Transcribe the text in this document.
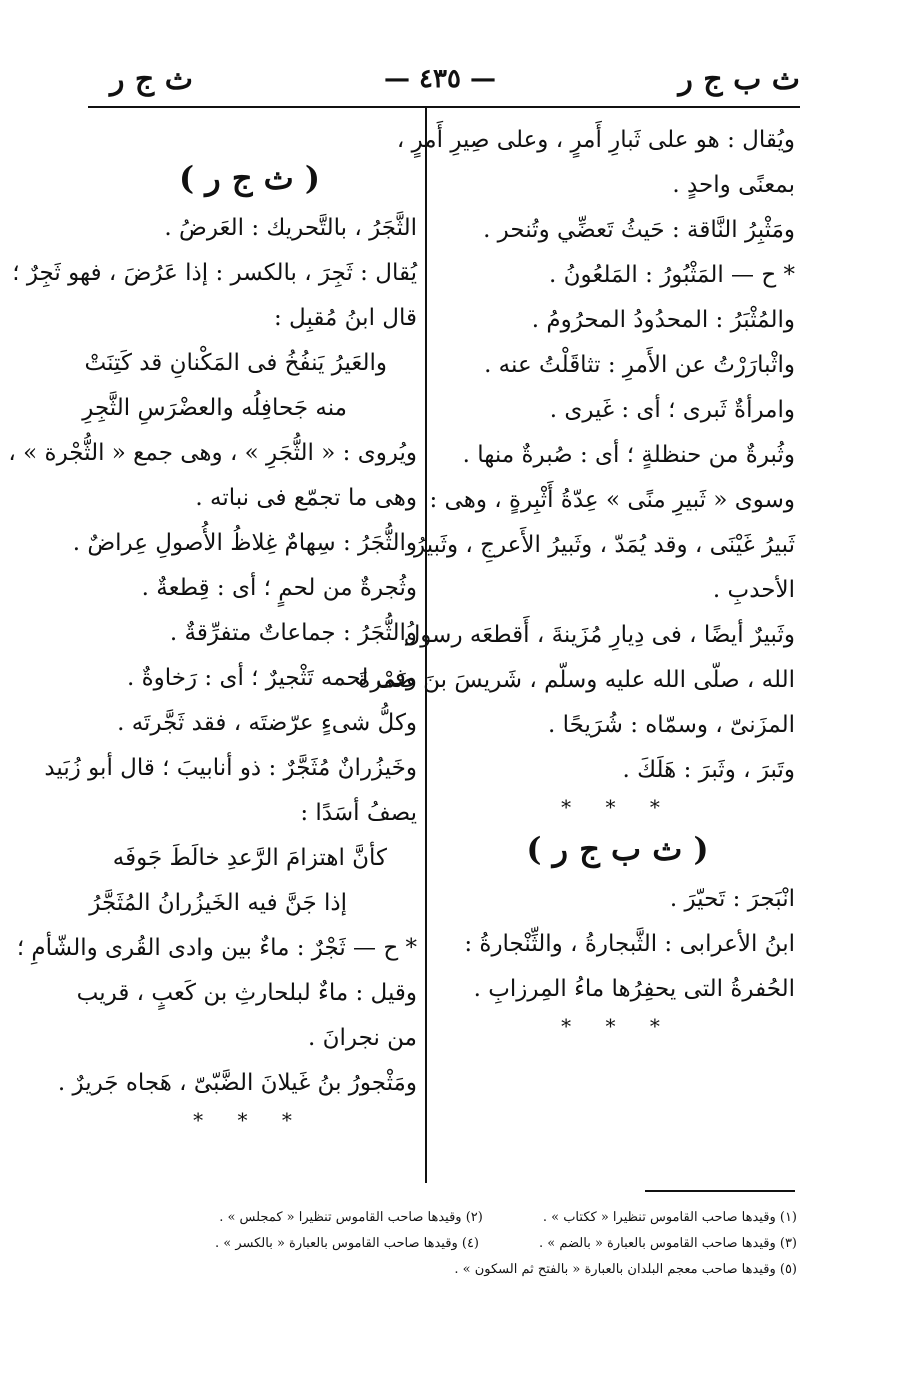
ث ب ج ر
— ٤٣٥ —
ث ج ر
ويُقال : هو على ثَبارِ أَمرٍ ، وعلى صِيرِ أَمرٍ ،
بمعنًى واحدٍ .
ومَثْبِرُ النَّاقة : حَيثُ تَعضِّي وتُنحر .
* ح — المَثْبُورُ : المَلعُونُ .
والمُثْبَرُ : المحدُودُ المحرُومُ .
واثْبارَرْتُ عن الأَمرِ : تثاقَلْتُ عنه .
وامرأةٌ ثَبرى ؛ أى : غَيرى .
وثُبرةٌ من حنظلةٍ ؛ أى : صُبرةٌ منها .
وسوى « ثَبيرِ منًى » عِدّةُ أَثْبِرةٍ ، وهى :
ثَبيرُ غَيْنَى ، وقد يُمَدّ ، وثَبيرُ الأَعرجِ ، وثَبيرُ
الأحدبِ .
وثَبيرٌ أيضًا ، فى دِيارِ مُزَينةَ ، أَقطعَه رسولُ
الله ، صلّى الله عليه وسلّم ، شَريسَ بنَ ضَمْرةَ
المزَنىّ ، وسمّاه : شُرَيحًا .
وتَبرَ ، وثَبرَ : هَلَكَ .
* * *
( ث ب ج ر )
انْبَجرَ : تَحيّرَ .
ابنُ الأعرابى : الثَّبجارةُ ، والثِّنْجارةُ :
الحُفرةُ التى يحفِرُها ماءُ المِرزابِ .
* * *
( ث ج ر )
الثَّجَرُ ، بالتَّحريك : العَرضُ .
يُقال : ثَجِرَ ، بالكسر : إذا عَرُضَ ، فهو ثَجِرٌ ؛
قال ابنُ مُقبِل :
والعَيرُ يَنفُخُ فى المَكْنانِ قد كَتِنَتْ
منه جَحافِلُه والعضْرَسِ الثَّجِرِ
ويُروى : « الثُّجَرِ » ، وهى جمع « الثُّجْرة » ،
وهى ما تجمّع فى نباته .
والثُّجَرُ : سِهامٌ غِلاظُ الأُصولِ عِراضٌ .
وثُجرةٌ من لحمٍ ؛ أى : قِطعةٌ .
والثُّجَرُ : جماعاتٌ متفرِّقةٌ .
وفى لحمه تَثْجيرٌ ؛ أى : رَخاوةٌ .
وكلُّ شىءٍ عرّضتَه ، فقد ثَجَّرتَه .
وخَيزُرانٌ مُثَجَّرٌ : ذو أنابيبَ ؛ قال أبو زُبَيد
يصفُ أسَدًا :
كأنَّ اهتزامَ الرَّعدِ خالَطَ جَوفَه
إذا جَنَّ فيه الخَيزُرانُ المُثَجَّرُ
* ح — ثَجْرٌ : ماءٌ بين وادى القُرى والشّأمِ ؛
وقيل : ماءٌ لبلحارثِ بن كَعبٍ ، قريب
من نجرانَ .
ومَثْجورُ بنُ غَيلانَ الضَّبّىّ ، هَجاه جَريرٌ .
* * *
(١) وقيدها صاحب القاموس تنظيرا « ككتاب » .
(٢) وقيدها صاحب القاموس تنظيرا « كمجلس » .
(٣) وقيدها صاحب القاموس بالعبارة « بالضم » .
(٤) وقيدها صاحب القاموس بالعبارة « بالكسر » .
(٥) وقيدها صاحب معجم البلدان بالعبارة « بالفتح ثم السكون » .
